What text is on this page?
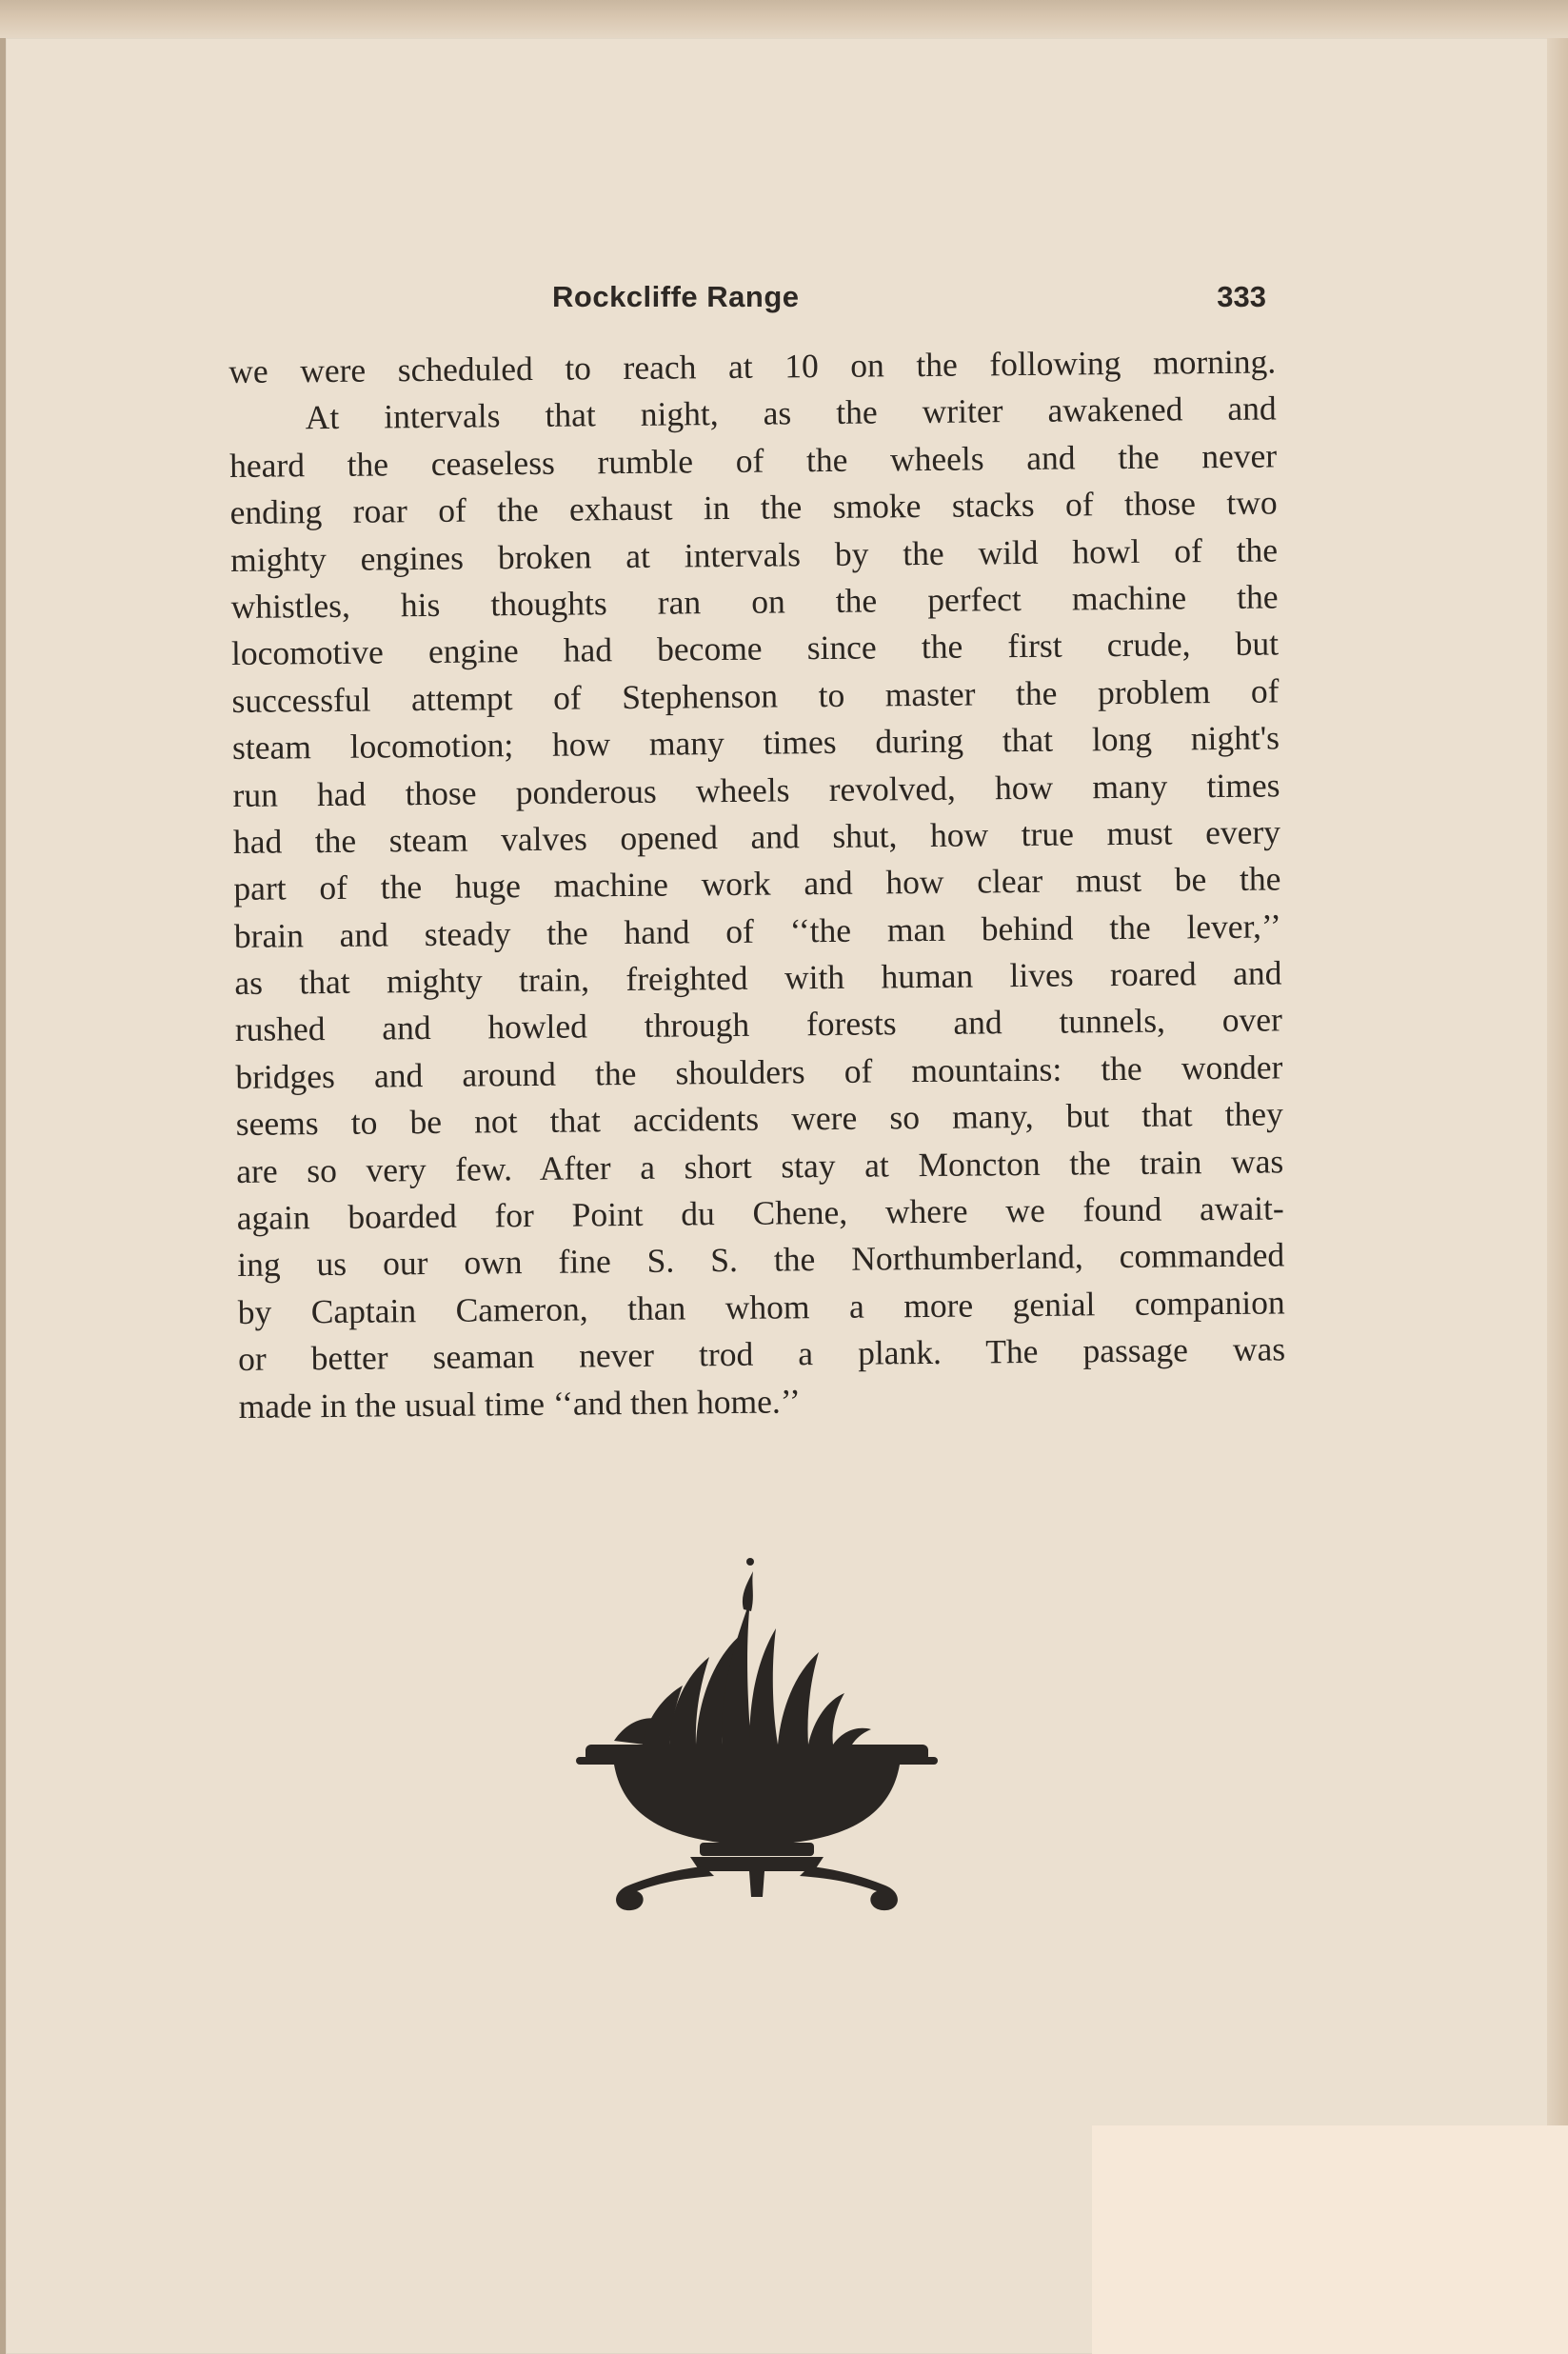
Rockcliffe Range	333
we were scheduled to reach at 10 on the following morning.
At intervals that night, as the writer awakened and
heard the ceaseless rumble of the wheels and the never
ending roar of the exhaust in the smoke stacks of those two
mighty engines broken at intervals by the wild howl of the
whistles, his thoughts ran on the perfect machine the
locomotive engine had become since the first crude, but
successful attempt of Stephenson to master the problem of
steam locomotion; how many times during that long night's
run had those ponderous wheels revolved, how many times
had the steam valves opened and shut, how true must every
part of the huge machine work and how clear must be the
brain and steady the hand of ‘‘the man behind the lever,’’
as that mighty train, freighted with human lives roared and
rushed and howled through forests and tunnels, over
bridges and around the shoulders of mountains: the wonder
seems to be not that accidents were so many, but that they
are so very few. After a short stay at Moncton the train was
again boarded for Point du Chene, where we found await-
ing us our own fine S. S. the Northumberland, commanded
by Captain Cameron, than whom a more genial companion
or better seaman never trod a plank. The passage was
made in the usual time ‘‘and then home.’’
